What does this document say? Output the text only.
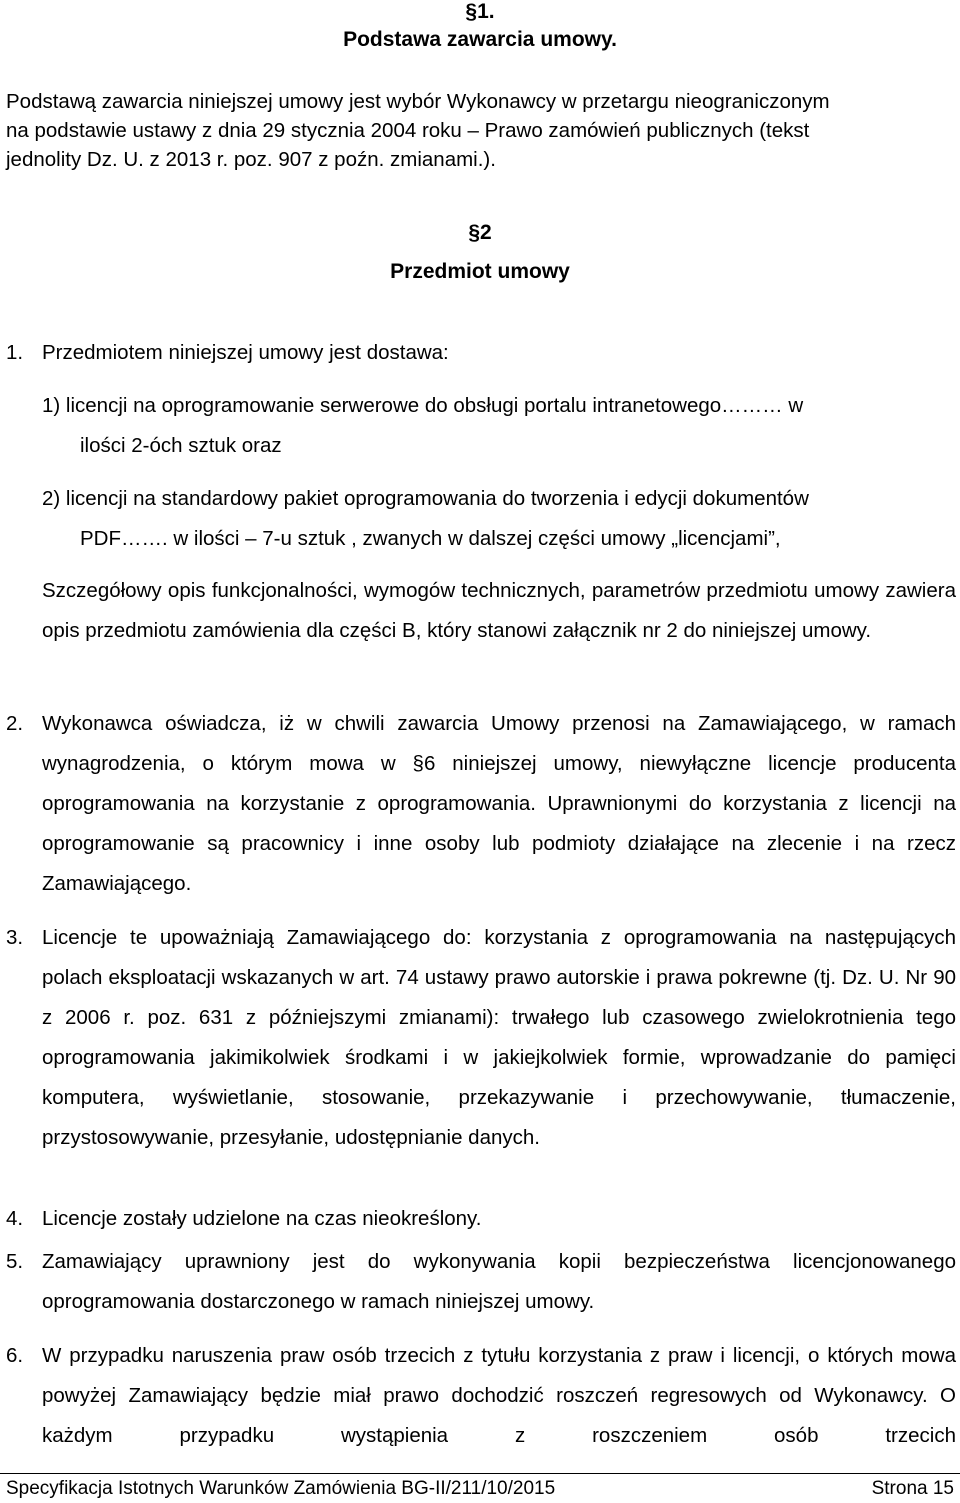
§1.
Podstawa zawarcia umowy.
Podstawą zawarcia niniejszej umowy jest wybór Wykonawcy w przetargu nieograniczonym
na podstawie ustawy z dnia 29 stycznia 2004 roku – Prawo zamówień publicznych (tekst
jednolity Dz. U. z 2013 r. poz. 907 z poźn. zmianami.).
§2
Przedmiot umowy
1. Przedmiotem niniejszej umowy jest dostawa:
1) licencji na oprogramowanie serwerowe do obsługi portalu intranetowego……… w
ilości 2-óch sztuk oraz
2) licencji na standardowy pakiet oprogramowania do tworzenia i edycji dokumentów
PDF……. w ilości – 7-u sztuk , zwanych w dalszej części umowy „licencjami”,
Szczegółowy opis funkcjonalności, wymogów technicznych, parametrów przedmiotu umowy zawiera opis przedmiotu zamówienia dla części B, który stanowi załącznik nr 2 do niniejszej umowy.
2. Wykonawca oświadcza, iż w chwili zawarcia Umowy przenosi na Zamawiającego, w ramach wynagrodzenia, o którym mowa w §6 niniejszej umowy, niewyłączne licencje producenta oprogramowania na korzystanie z oprogramowania. Uprawnionymi do korzystania z licencji na oprogramowanie są pracownicy i inne osoby lub podmioty działające na zlecenie i na rzecz Zamawiającego.
3. Licencje te upoważniają Zamawiającego do: korzystania z oprogramowania na następujących polach eksploatacji wskazanych w art. 74 ustawy prawo autorskie i prawa pokrewne (tj. Dz. U. Nr 90 z 2006 r. poz. 631 z późniejszymi zmianami): trwałego lub czasowego zwielokrotnienia tego oprogramowania jakimikolwiek środkami i w jakiejkolwiek formie, wprowadzanie do pamięci komputera, wyświetlanie, stosowanie, przekazywanie i przechowywanie, tłumaczenie, przystosowywanie, przesyłanie, udostępnianie danych.
4. Licencje zostały udzielone na czas nieokreślony.
5. Zamawiający uprawniony jest do wykonywania kopii bezpieczeństwa licencjonowanego oprogramowania dostarczonego w ramach niniejszej umowy.
6. W przypadku naruszenia praw osób trzecich z tytułu korzystania z praw i licencji, o których mowa powyżej Zamawiający będzie miał prawo dochodzić roszczeń regresowych od Wykonawcy. O każdym przypadku wystąpienia z roszczeniem osób trzecich
Specyfikacja Istotnych Warunków Zamówienia BG-II/211/10/2015	Strona 15
